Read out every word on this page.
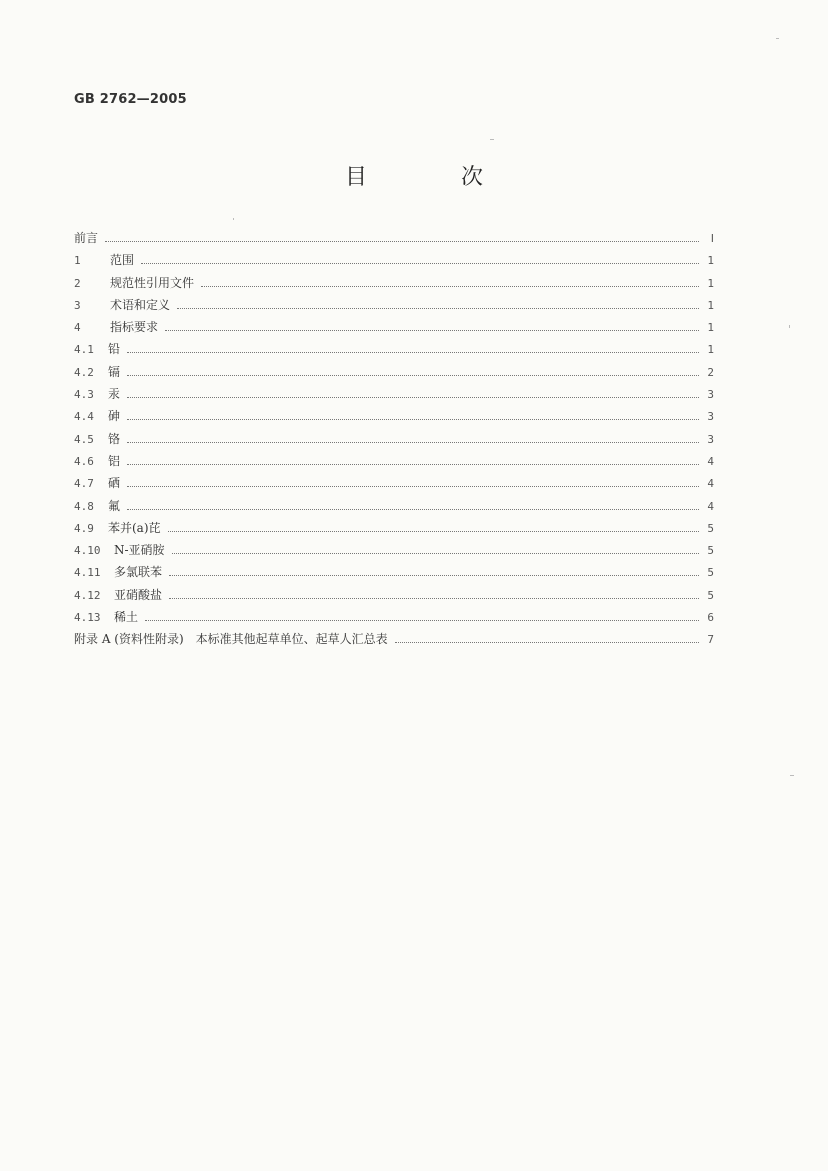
GB 2762—2005
目　次
前言	Ⅰ
1	范围	1
2	规范性引用文件	1
3	术语和定义	1
4	指标要求	1
4.1	铅	1
4.2	镉	2
4.3	汞	3
4.4	砷	3
4.5	铬	3
4.6	铝	4
4.7	硒	4
4.8	氟	4
4.9	苯并(a)芘	5
4.10	N-亚硝胺	5
4.11	多氯联苯	5
4.12	亚硝酸盐	5
4.13	稀土	6
附录 A (资料性附录)　本标准其他起草单位、起草人汇总表	7
